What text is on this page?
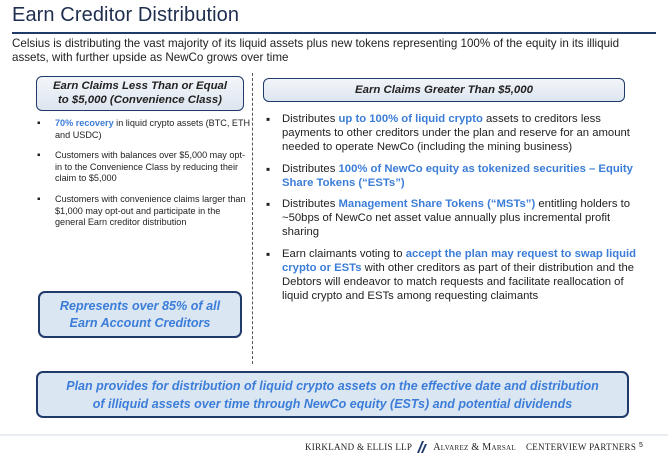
Earn Creditor Distribution
Celsius is distributing the vast majority of its liquid assets plus new tokens representing 100% of the equity in its illiquid assets, with further upside as NewCo grows over time
Earn Claims Less Than or Equal
to $5,000 (Convenience Class)
▪ 70% recovery in liquid crypto assets (BTC, ETH and USDC)
▪ Customers with balances over $5,000 may opt-in to the Convenience Class by reducing their claim to $5,000
▪ Customers with convenience claims larger than $1,000 may opt-out and participate in the general Earn creditor distribution
Represents over 85% of all
Earn Account Creditors
Earn Claims Greater Than $5,000
▪ Distributes up to 100% of liquid crypto assets to creditors less payments to other creditors under the plan and reserve for an amount needed to operate NewCo (including the mining business)
▪ Distributes 100% of NewCo equity as tokenized securities – Equity Share Tokens (“ESTs”)
▪ Distributes Management Share Tokens (“MSTs”) entitling holders to ~50bps of NewCo net asset value annually plus incremental profit sharing
▪ Earn claimants voting to accept the plan may request to swap liquid crypto or ESTs with other creditors as part of their distribution and the Debtors will endeavor to match requests and facilitate reallocation of liquid crypto and ESTs among requesting claimants
Plan provides for distribution of liquid crypto assets on the effective date and distribution
of illiquid assets over time through NewCo equity (ESTs) and potential dividends
KIRKLAND & ELLIS LLP Alvarez & Marsal CENTERVIEW PARTNERS 5
